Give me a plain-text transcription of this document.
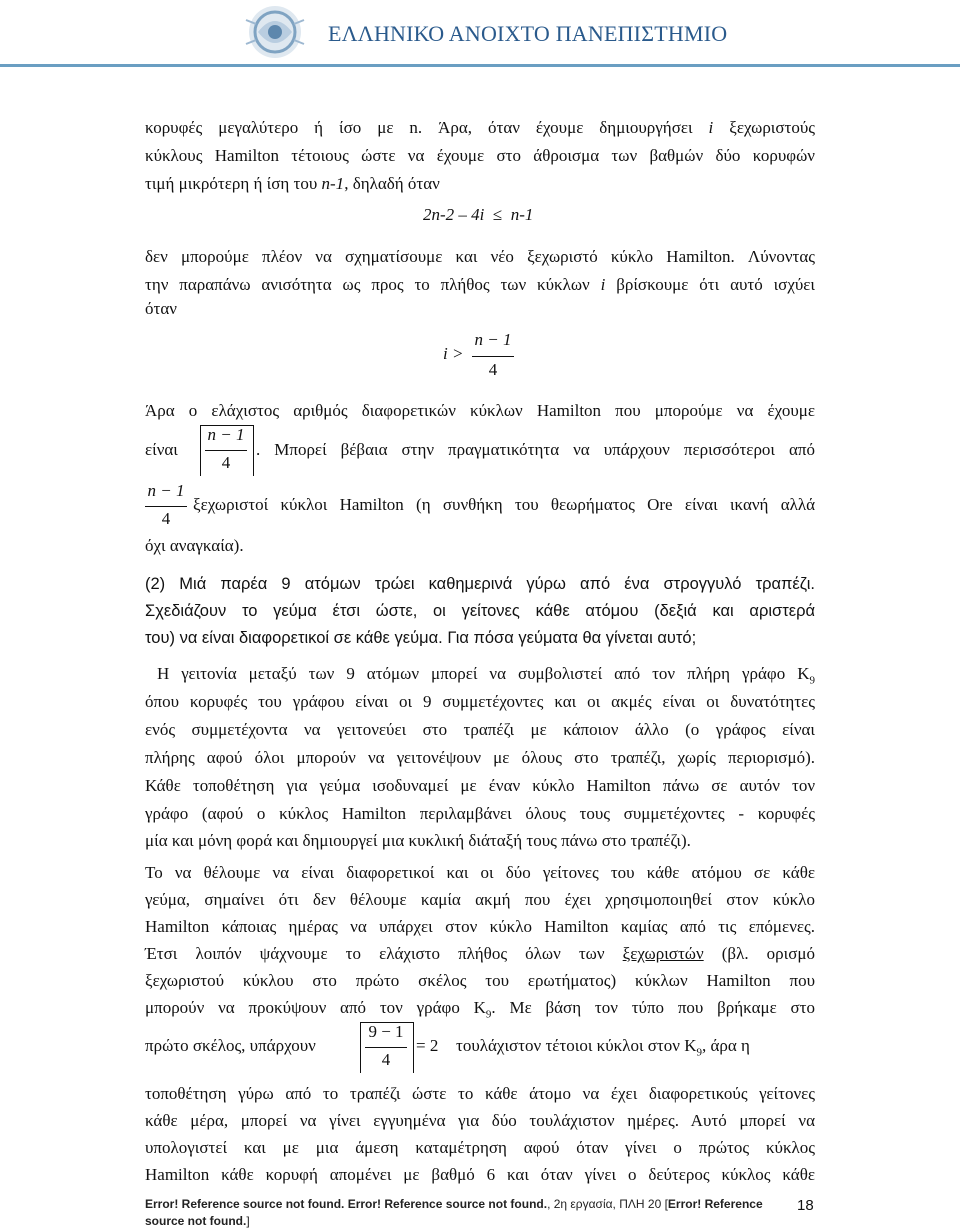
ΕΛΛΗΝΙΚΟ ΑΝΟΙΧΤΟ ΠΑΝΕΠΙΣΤΗΜΙΟ
κορυφές μεγαλύτερο ή ίσο με n. Άρα, όταν έχουμε δημιουργήσει i ξεχωριστούς
κύκλους Hamilton τέτοιους ώστε να έχουμε στο άθροισμα των βαθμών δύο κορυφών
τιμή μικρότερη ή ίση του n-1, δηλαδή όταν
2n-2 – 4i ≤ n-1
δεν μπορούμε πλέον να σχηματίσουμε και νέο ξεχωριστό κύκλο Hamilton. Λύνοντας
την παραπάνω ανισότητα ως προς το πλήθος των κύκλων i βρίσκουμε ότι αυτό ισχύει
όταν
i >
n − 1
4
Άρα ο ελάχιστος αριθμός διαφορετικών κύκλων Hamilton που μπορούμε να έχουμε
είναι
n − 1
4
. Μπορεί βέβαια στην πραγματικότητα να υπάρχουν περισσότεροι από
n − 1
4
ξεχωριστοί κύκλοι Hamilton (η συνθήκη του θεωρήματος Ore είναι ικανή αλλά
όχι αναγκαία).
(2) Μιά παρέα 9 ατόμων τρώει καθημερινά γύρω από ένα στρογγυλό τραπέζι.
Σχεδιάζουν το γεύμα έτσι ώστε, οι γείτονες κάθε ατόμου (δεξιά και αριστερά
του) να είναι διαφορετικοί σε κάθε γεύμα. Για πόσα γεύματα θα γίνεται αυτό;
Η γειτονία μεταξύ των 9 ατόμων μπορεί να συμβολιστεί από τον πλήρη γράφο $K_9$
όπου κορυφές του γράφου είναι οι 9 συμμετέχοντες και οι ακμές είναι οι δυνατότητες
ενός συμμετέχοντα να γειτονεύει στο τραπέζι με κάποιον άλλο (ο γράφος είναι
πλήρης αφού όλοι μπορούν να γειτονέψουν με όλους στο τραπέζι, χωρίς περιορισμό).
Κάθε τοποθέτηση για γεύμα ισοδυναμεί με έναν κύκλο Hamilton πάνω σε αυτόν τον
γράφο (αφού ο κύκλος Hamilton περιλαμβάνει όλους τους συμμετέχοντες - κορυφές
μία και μόνη φορά και δημιουργεί μια κυκλική διάταξή τους πάνω στο τραπέζι).
Το να θέλουμε να είναι διαφορετικοί και οι δύο γείτονες του κάθε ατόμου σε κάθε
γεύμα, σημαίνει ότι δεν θέλουμε καμία ακμή που έχει χρησιμοποιηθεί στον κύκλο
Hamilton κάποιας ημέρας να υπάρχει στον κύκλο Hamilton καμίας από τις επόμενες.
Έτσι λοιπόν ψάχνουμε το ελάχιστο πλήθος όλων των ξεχωριστών (βλ. ορισμό
ξεχωριστού κύκλου στο πρώτο σκέλος του ερωτήματος) κύκλων Hamilton που
μπορούν να προκύψουν από τον γράφο $K_9$. Με βάση τον τύπο που βρήκαμε στο
πρώτο σκέλος, υπάρχουν
9 − 1
4
= 2 τουλάχιστον τέτοιοι κύκλοι στον $K_9$, άρα η
τοποθέτηση γύρω από το τραπέζι ώστε το κάθε άτομο να έχει διαφορετικούς γείτονες
κάθε μέρα, μπορεί να γίνει εγγυημένα για δύο τουλάχιστον ημέρες. Αυτό μπορεί να
υπολογιστεί και με μια άμεση καταμέτρηση αφού όταν γίνει ο πρώτος κύκλος
Hamilton κάθε κορυφή απομένει με βαθμό 6 και όταν γίνει ο δεύτερος κύκλος κάθε
Error! Reference source not found. Error! Reference source not found., 2η εργασία, ΠΛΗ 20 [Error! Reference source not found.]
18
